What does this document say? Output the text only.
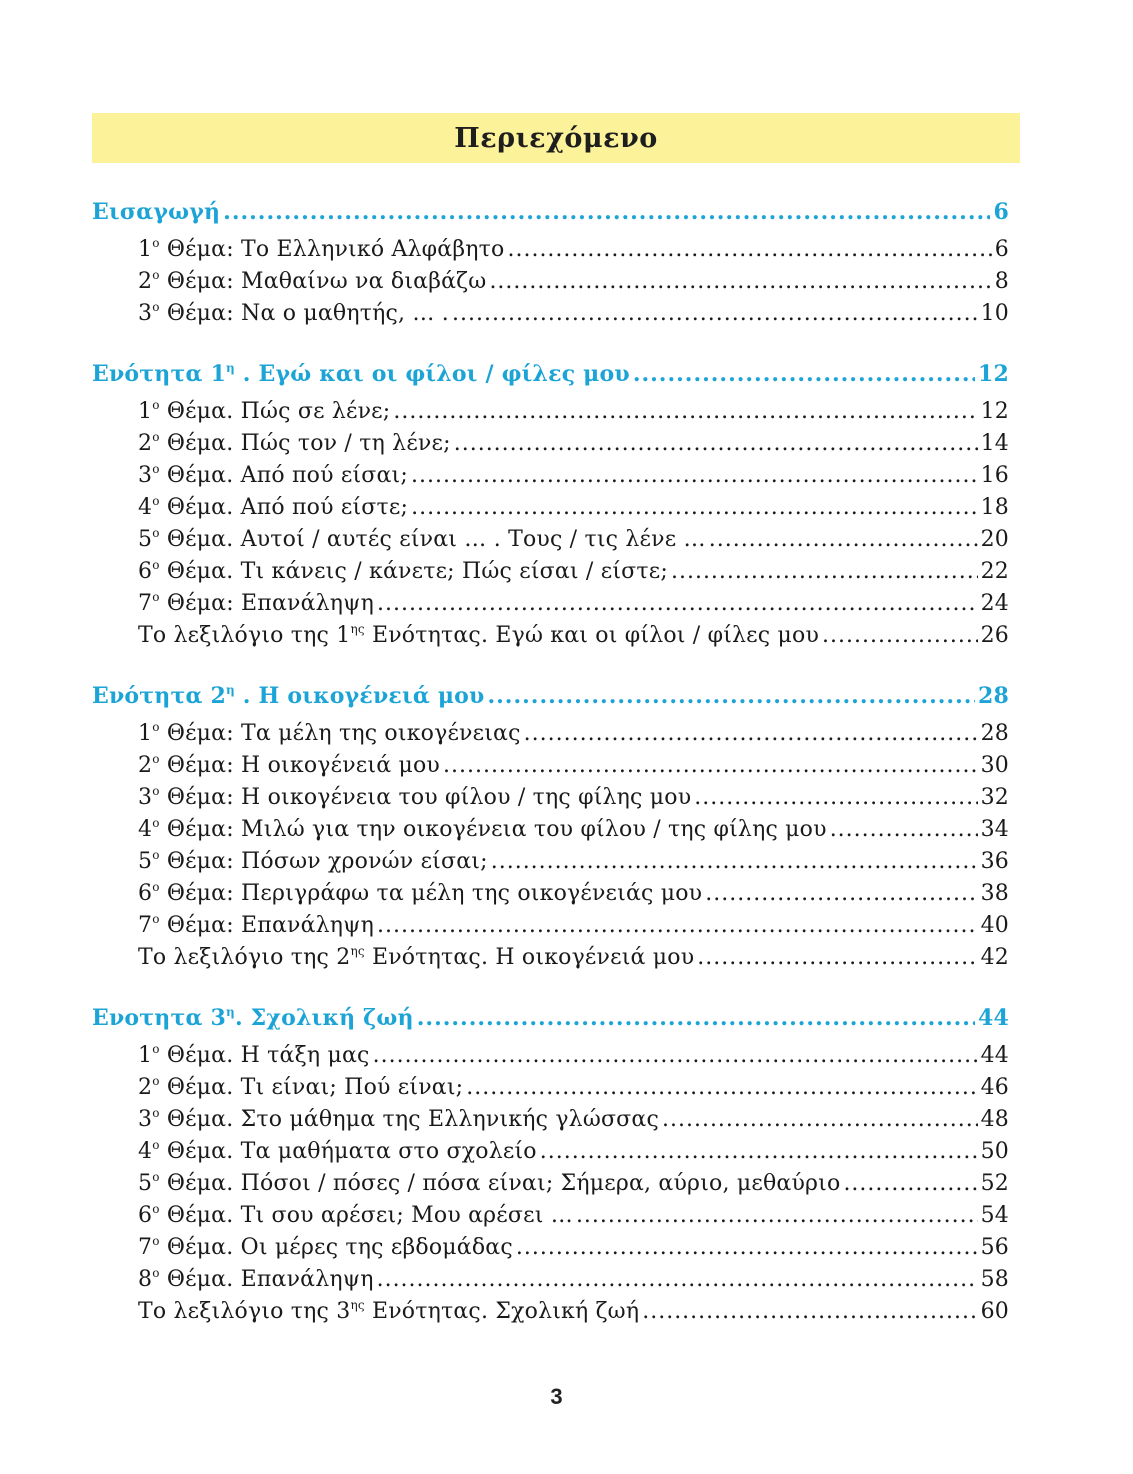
Περιεχόμενο
Εισαγωγή .....	6
$1^o$ Θέμα: Το Ελληνικό Αλφάβητο .....	6
$2^o$ Θέμα: Μαθαίνω να διαβάζω .....	8
$3^o$ Θέμα: Να ο μαθητής, … . .....	10
Ενότητα $1^\eta$ . Εγώ και οι φίλοι / φίλες μου .....	12
$1^o$ Θέμα. Πώς σε λένε; .....	12
$2^o$ Θέμα. Πώς τον / τη λένε; .....	14
$3^o$ Θέμα. Από πού είσαι; .....	16
$4^o$ Θέμα. Από πού είστε; .....	18
$5^o$ Θέμα. Αυτοί / αυτές είναι … . Τους / τις λένε … .....	20
$6^o$ Θέμα. Τι κάνεις / κάνετε; Πώς είσαι / είστε; .....	22
$7^o$ Θέμα: Επανάληψη .....	24
Το λεξιλόγιο της $1^{\eta\varsigma}$ Ενότητας. Εγώ και οι φίλοι / φίλες μου .....	26
Ενότητα $2^\eta$ . Η οικογένειά μου .....	28
$1^o$ Θέμα: Τα μέλη της οικογένειας .....	28
$2^o$ Θέμα: Η οικογένειά μου .....	30
$3^o$ Θέμα: Η οικογένεια του φίλου / της φίλης μου .....	32
$4^o$ Θέμα: Μιλώ για την οικογένεια του φίλου / της φίλης μου .....	34
$5^o$ Θέμα: Πόσων χρονών είσαι; .....	36
$6^o$ Θέμα: Περιγράφω τα μέλη της οικογένειάς μου .....	38
$7^o$ Θέμα: Επανάληψη .....	40
Το λεξιλόγιο της $2^{\eta\varsigma}$ Ενότητας. Η οικογένειά μου .....	42
Ενοτητα $3^\eta$. Σχολική ζωή .....	44
$1^o$ Θέμα. Η τάξη μας .....	44
$2^o$ Θέμα. Τι είναι; Πού είναι; .....	46
$3^o$ Θέμα. Στο μάθημα της Ελληνικής γλώσσας .....	48
$4^o$ Θέμα. Τα μαθήματα στο σχολείο .....	50
$5^o$ Θέμα. Πόσοι / πόσες / πόσα είναι; Σήμερα, αύριο, μεθαύριο .....	52
$6^o$ Θέμα. Τι σου αρέσει; Μου αρέσει … .....	54
$7^o$ Θέμα. Οι μέρες της εβδομάδας .....	56
$8^o$ Θέμα. Επανάληψη .....	58
Το λεξιλόγιο της $3^{\eta\varsigma}$ Ενότητας. Σχολική ζωή .....	60
3
